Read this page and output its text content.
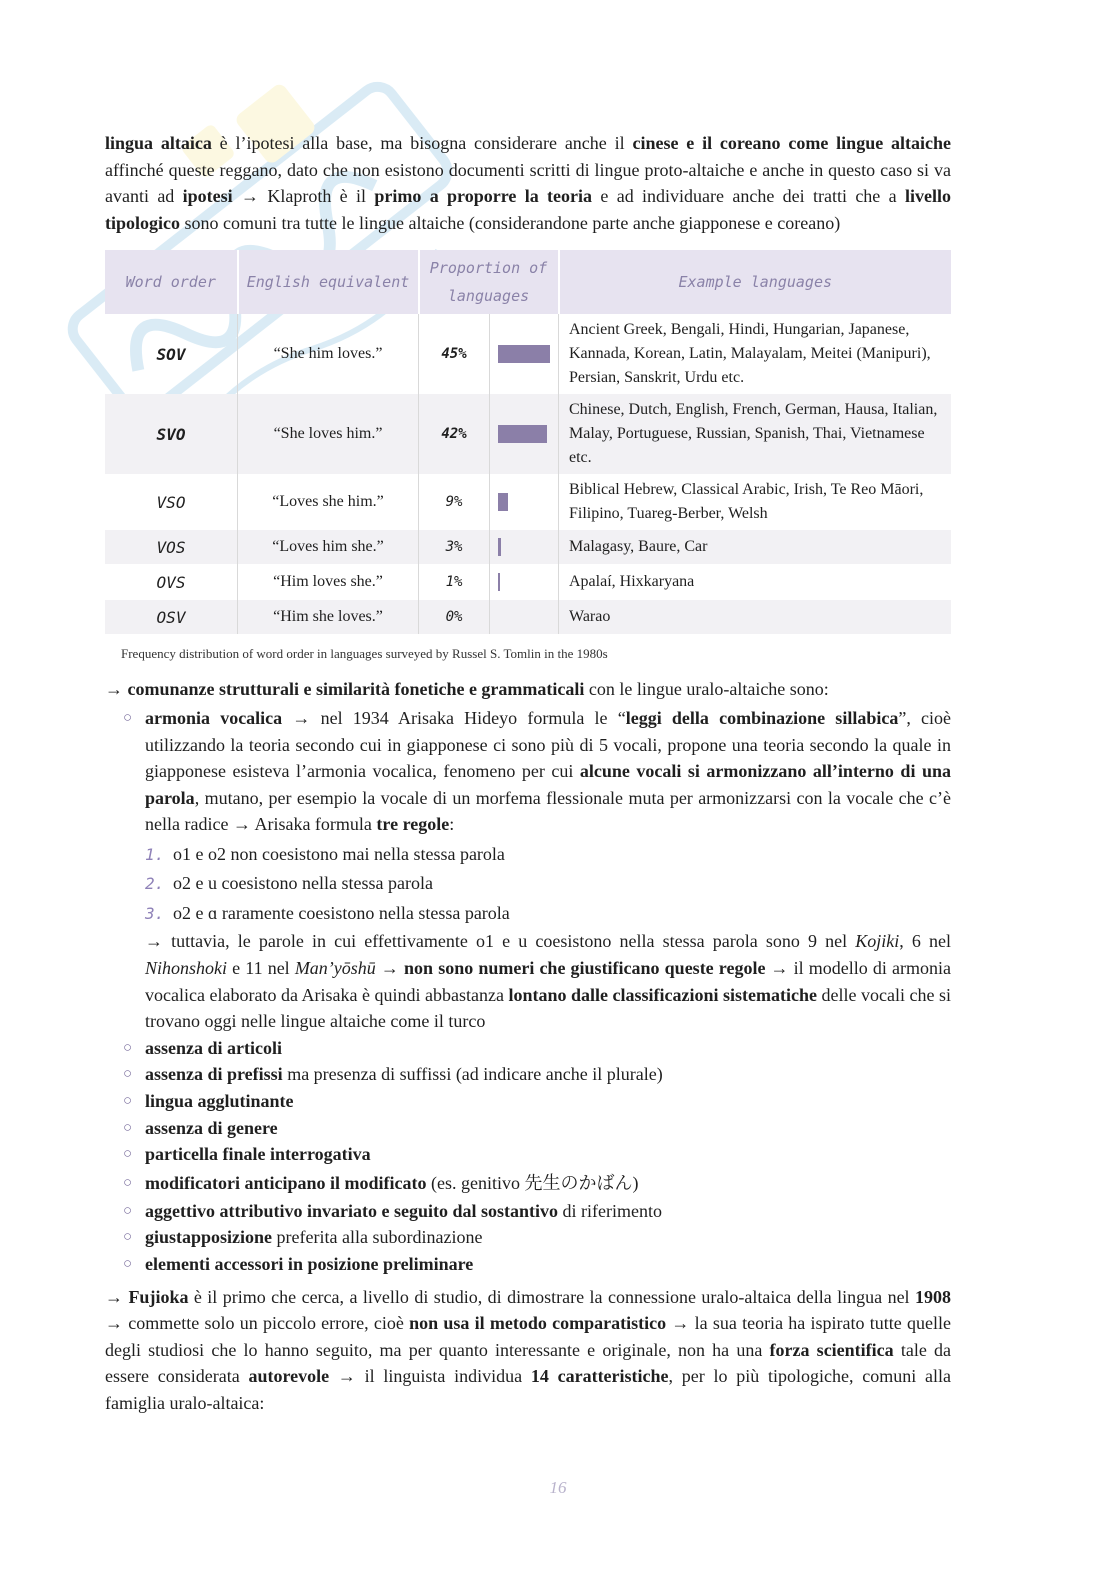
lingua altaica è l’ipotesi alla base, ma bisogna considerare anche il cinese e il coreano come lingue altaiche affinché queste reggano, dato che non esistono documenti scritti di lingue proto-altaiche e anche in questo caso si va avanti ad ipotesi → Klaproth è il primo a proporre la teoria e ad individuare anche dei tratti che a livello tipologico sono comuni tra tutte le lingue altaiche (considerandone parte anche giapponese e coreano)

Word order	English equivalent	Proportion of languages		Example languages
SOV	“She him loves.”	45%		Ancient Greek, Bengali, Hindi, Hungarian, Japanese, Kannada, Korean, Latin, Malayalam, Meitei (Manipuri), Persian, Sanskrit, Urdu etc.
SVO	“She loves him.”	42%		Chinese, Dutch, English, French, German, Hausa, Italian, Malay, Portuguese, Russian, Spanish, Thai, Vietnamese etc.
VSO	“Loves she him.”	9%		Biblical Hebrew, Classical Arabic, Irish, Te Reo Māori, Filipino, Tuareg-Berber, Welsh
VOS	“Loves him she.”	3%		Malagasy, Baure, Car
OVS	“Him loves she.”	1%		Apalaí, Hixkaryana
OSV	“Him she loves.”	0%		Warao
Frequency distribution of word order in languages surveyed by Russel S. Tomlin in the 1980s

→ comunanze strutturali e similarità fonetiche e grammaticali con le lingue uralo-altaiche sono:

○ armonia vocalica → nel 1934 Arisaka Hideyo formula le “leggi della combinazione sillabica”, cioè utilizzando la teoria secondo cui in giapponese ci sono più di 5 vocali, propone una teoria secondo la quale in giapponese esisteva l’armonia vocalica, fenomeno per cui alcune vocali si armonizzano all’interno di una parola, mutano, per esempio la vocale di un morfema flessionale muta per armonizzarsi con la vocale che c’è nella radice → Arisaka formula tre regole:
1. o1 e o2 non coesistono mai nella stessa parola
2. o2 e u coesistono nella stessa parola
3. o2 e ɑ raramente coesistono nella stessa parola
→ tuttavia, le parole in cui effettivamente o1 e u coesistono nella stessa parola sono 9 nel Kojiki, 6 nel Nihonshoki e 11 nel Man’yōshū → non sono numeri che giustificano queste regole → il modello di armonia vocalica elaborato da Arisaka è quindi abbastanza lontano dalle classificazioni sistematiche delle vocali che si trovano oggi nelle lingue altaiche come il turco
○ assenza di articoli
○ assenza di prefissi ma presenza di suffissi (ad indicare anche il plurale)
○ lingua agglutinante
○ assenza di genere
○ particella finale interrogativa
○ modificatori anticipano il modificato (es. genitivo 先生のかばん)
○ aggettivo attributivo invariato e seguito dal sostantivo di riferimento
○ giustapposizione preferita alla subordinazione
○ elementi accessori in posizione preliminare

→ Fujioka è il primo che cerca, a livello di studio, di dimostrare la connessione uralo-altaica della lingua nel 1908 → commette solo un piccolo errore, cioè non usa il metodo comparatistico → la sua teoria ha ispirato tutte quelle degli studiosi che lo hanno seguito, ma per quanto interessante e originale, non ha una forza scientifica tale da essere considerata autorevole → il linguista individua 14 caratteristiche, per lo più tipologiche, comuni alla famiglia uralo-altaica:

16
